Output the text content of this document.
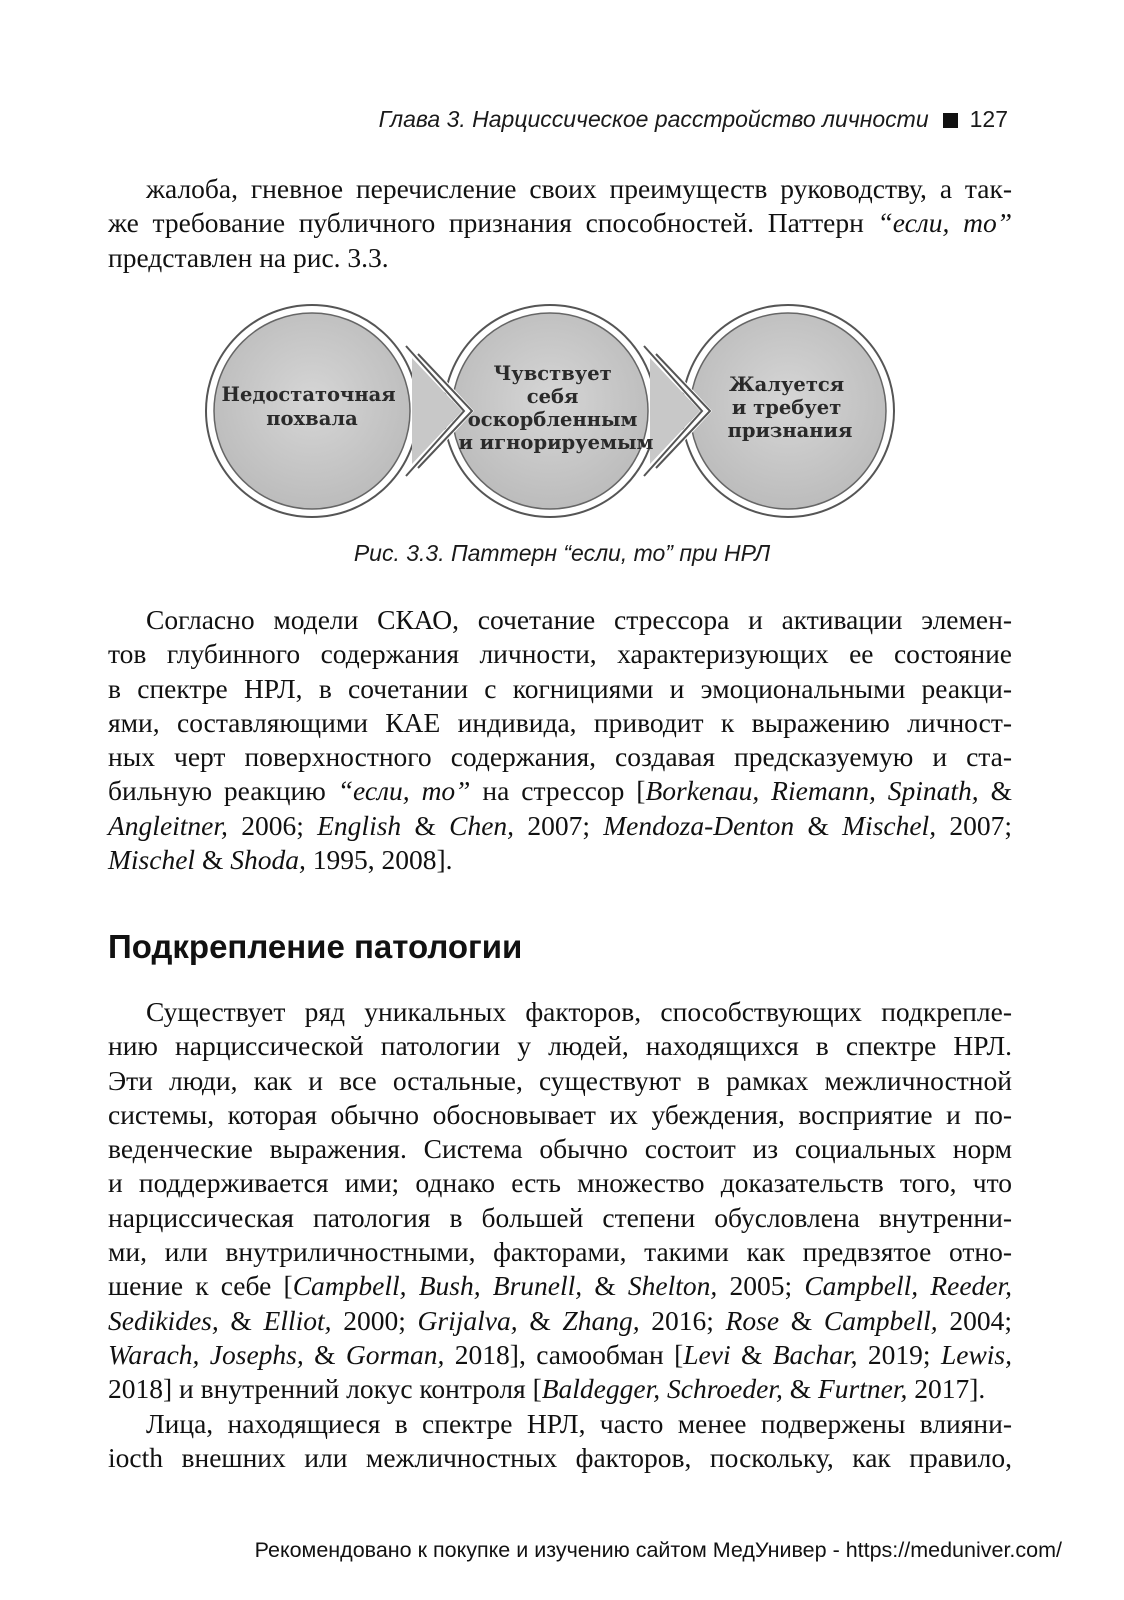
Глава 3. Нарциссическое расстройство личности 127
жалоба, гневное перечисление своих преимуществ руководству, а так-
же требование публичного признания способностей. Паттерн “если, то”
представлен на рис. 3.3.
Недостаточная похвала
Чувствует себя оскорбленным и игнорируемым
Жалуется и требует признания
Рис. 3.3. Паттерн “если, то” при НРЛ
Согласно модели СКАО, сочетание стрессора и активации элемен-
тов глубинного содержания личности, характеризующих ее состояние
в спектре НРЛ, в сочетании с когнициями и эмоциональными реакци-
ями, составляющими КАЕ индивида, приводит к выражению личност-
ных черт поверхностного содержания, создавая предсказуемую и ста-
бильную реакцию “если, то” на стрессор [Borkenau, Riemann, Spinath, &
Angleitner, 2006; English & Chen, 2007; Mendoza-Denton & Mischel, 2007;
Mischel & Shoda, 1995, 2008].
Подкрепление патологии
Существует ряд уникальных факторов, способствующих подкрепле-
нию нарциссической патологии у людей, находящихся в спектре НРЛ.
Эти люди, как и все остальные, существуют в рамках межличностной
системы, которая обычно обосновывает их убеждения, восприятие и по-
веденческие выражения. Система обычно состоит из социальных норм
и поддерживается ими; однако есть множество доказательств того, что
нарциссическая патология в большей степени обусловлена внутренни-
ми, или внутриличностными, факторами, такими как предвзятое отно-
шение к себе [Campbell, Bush, Brunell, & Shelton, 2005; Campbell, Reeder,
Sedikides, & Elliot, 2000; Grijalva, & Zhang, 2016; Rose & Campbell, 2004;
Warach, Josephs, & Gorman, 2018], самообман [Levi & Bachar, 2019; Lewis,
2018] и внутренний локус контроля [Baldegger, Schroeder, & Furtner, 2017].
Лица, находящиеся в спектре НРЛ, часто менее подвержены влияни-
ioctһ внешних или межличностных факторов, поскольку, как правило,
Рекомендовано к покупке и изучению сайтом МедУнивер - https://meduniver.com/
